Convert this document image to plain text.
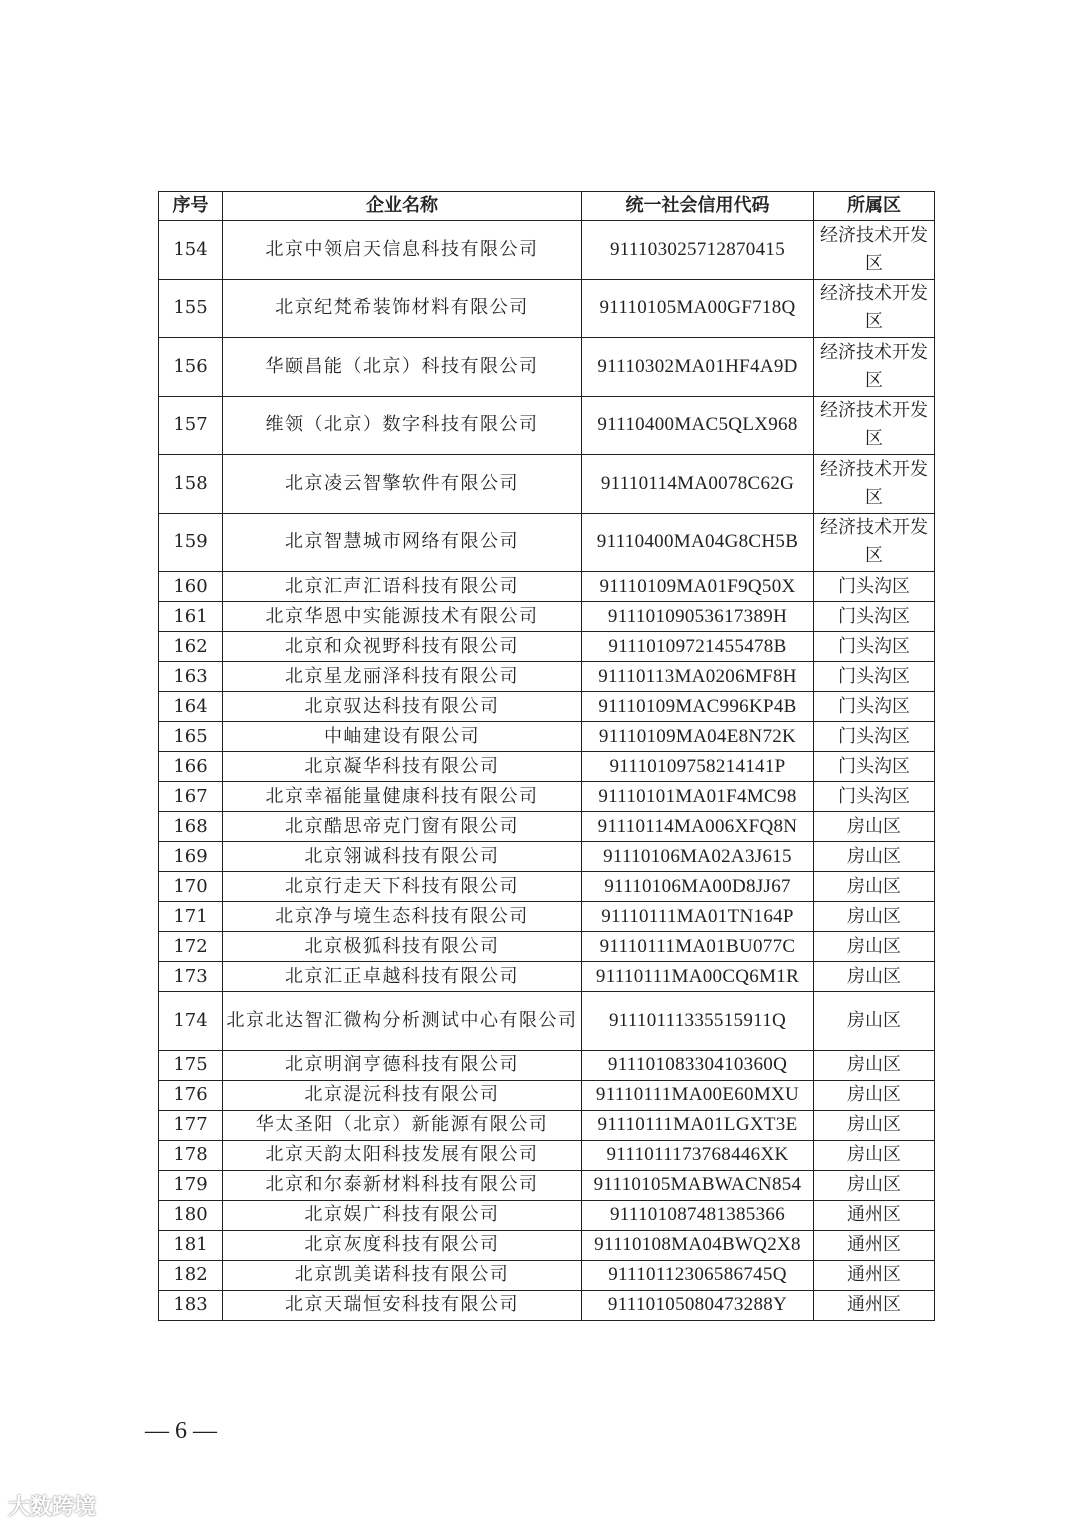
序号	企业名称	统一社会信用代码	所属区
154	北京中领启天信息科技有限公司	911103025712870415	经济技术开发区
155	北京纪梵希装饰材料有限公司	91110105MA00GF718Q	经济技术开发区
156	华颐昌能（北京）科技有限公司	91110302MA01HF4A9D	经济技术开发区
157	维领（北京）数字科技有限公司	91110400MAC5QLX968	经济技术开发区
158	北京凌云智擎软件有限公司	91110114MA0078C62G	经济技术开发区
159	北京智慧城市网络有限公司	91110400MA04G8CH5B	经济技术开发区
160	北京汇声汇语科技有限公司	91110109MA01F9Q50X	门头沟区
161	北京华恩中实能源技术有限公司	91110109053617389H	门头沟区
162	北京和众视野科技有限公司	91110109721455478B	门头沟区
163	北京星龙丽泽科技有限公司	91110113MA0206MF8H	门头沟区
164	北京驭达科技有限公司	91110109MAC996KP4B	门头沟区
165	中岫建设有限公司	91110109MA04E8N72K	门头沟区
166	北京凝华科技有限公司	91110109758214141P	门头沟区
167	北京幸福能量健康科技有限公司	91110101MA01F4MC98	门头沟区
168	北京酷思帝克门窗有限公司	91110114MA006XFQ8N	房山区
169	北京翎诚科技有限公司	91110106MA02A3J615	房山区
170	北京行走天下科技有限公司	91110106MA00D8JJ67	房山区
171	北京净与境生态科技有限公司	91110111MA01TN164P	房山区
172	北京极狐科技有限公司	91110111MA01BU077C	房山区
173	北京汇正卓越科技有限公司	91110111MA00CQ6M1R	房山区
174	北京北达智汇微构分析测试中心有限公司	91110111335515911Q	房山区
175	北京明润亨德科技有限公司	91110108330410360Q	房山区
176	北京湜沅科技有限公司	91110111MA00E60MXU	房山区
177	华太圣阳（北京）新能源有限公司	91110111MA01LGXT3E	房山区
178	北京天韵太阳科技发展有限公司	9111011173768446XK	房山区
179	北京和尔泰新材料科技有限公司	91110105MABWACN854	房山区
180	北京娱广科技有限公司	91110108748138536​6	通州区
181	北京灰度科技有限公司	91110108MA04BWQ2X8	通州区
182	北京凯美诺科技有限公司	9111011230658674​5Q	通州区
183	北京天瑞恒安科技有限公司	91110105080473288Y	通州区
— 6 —
大数跨境
